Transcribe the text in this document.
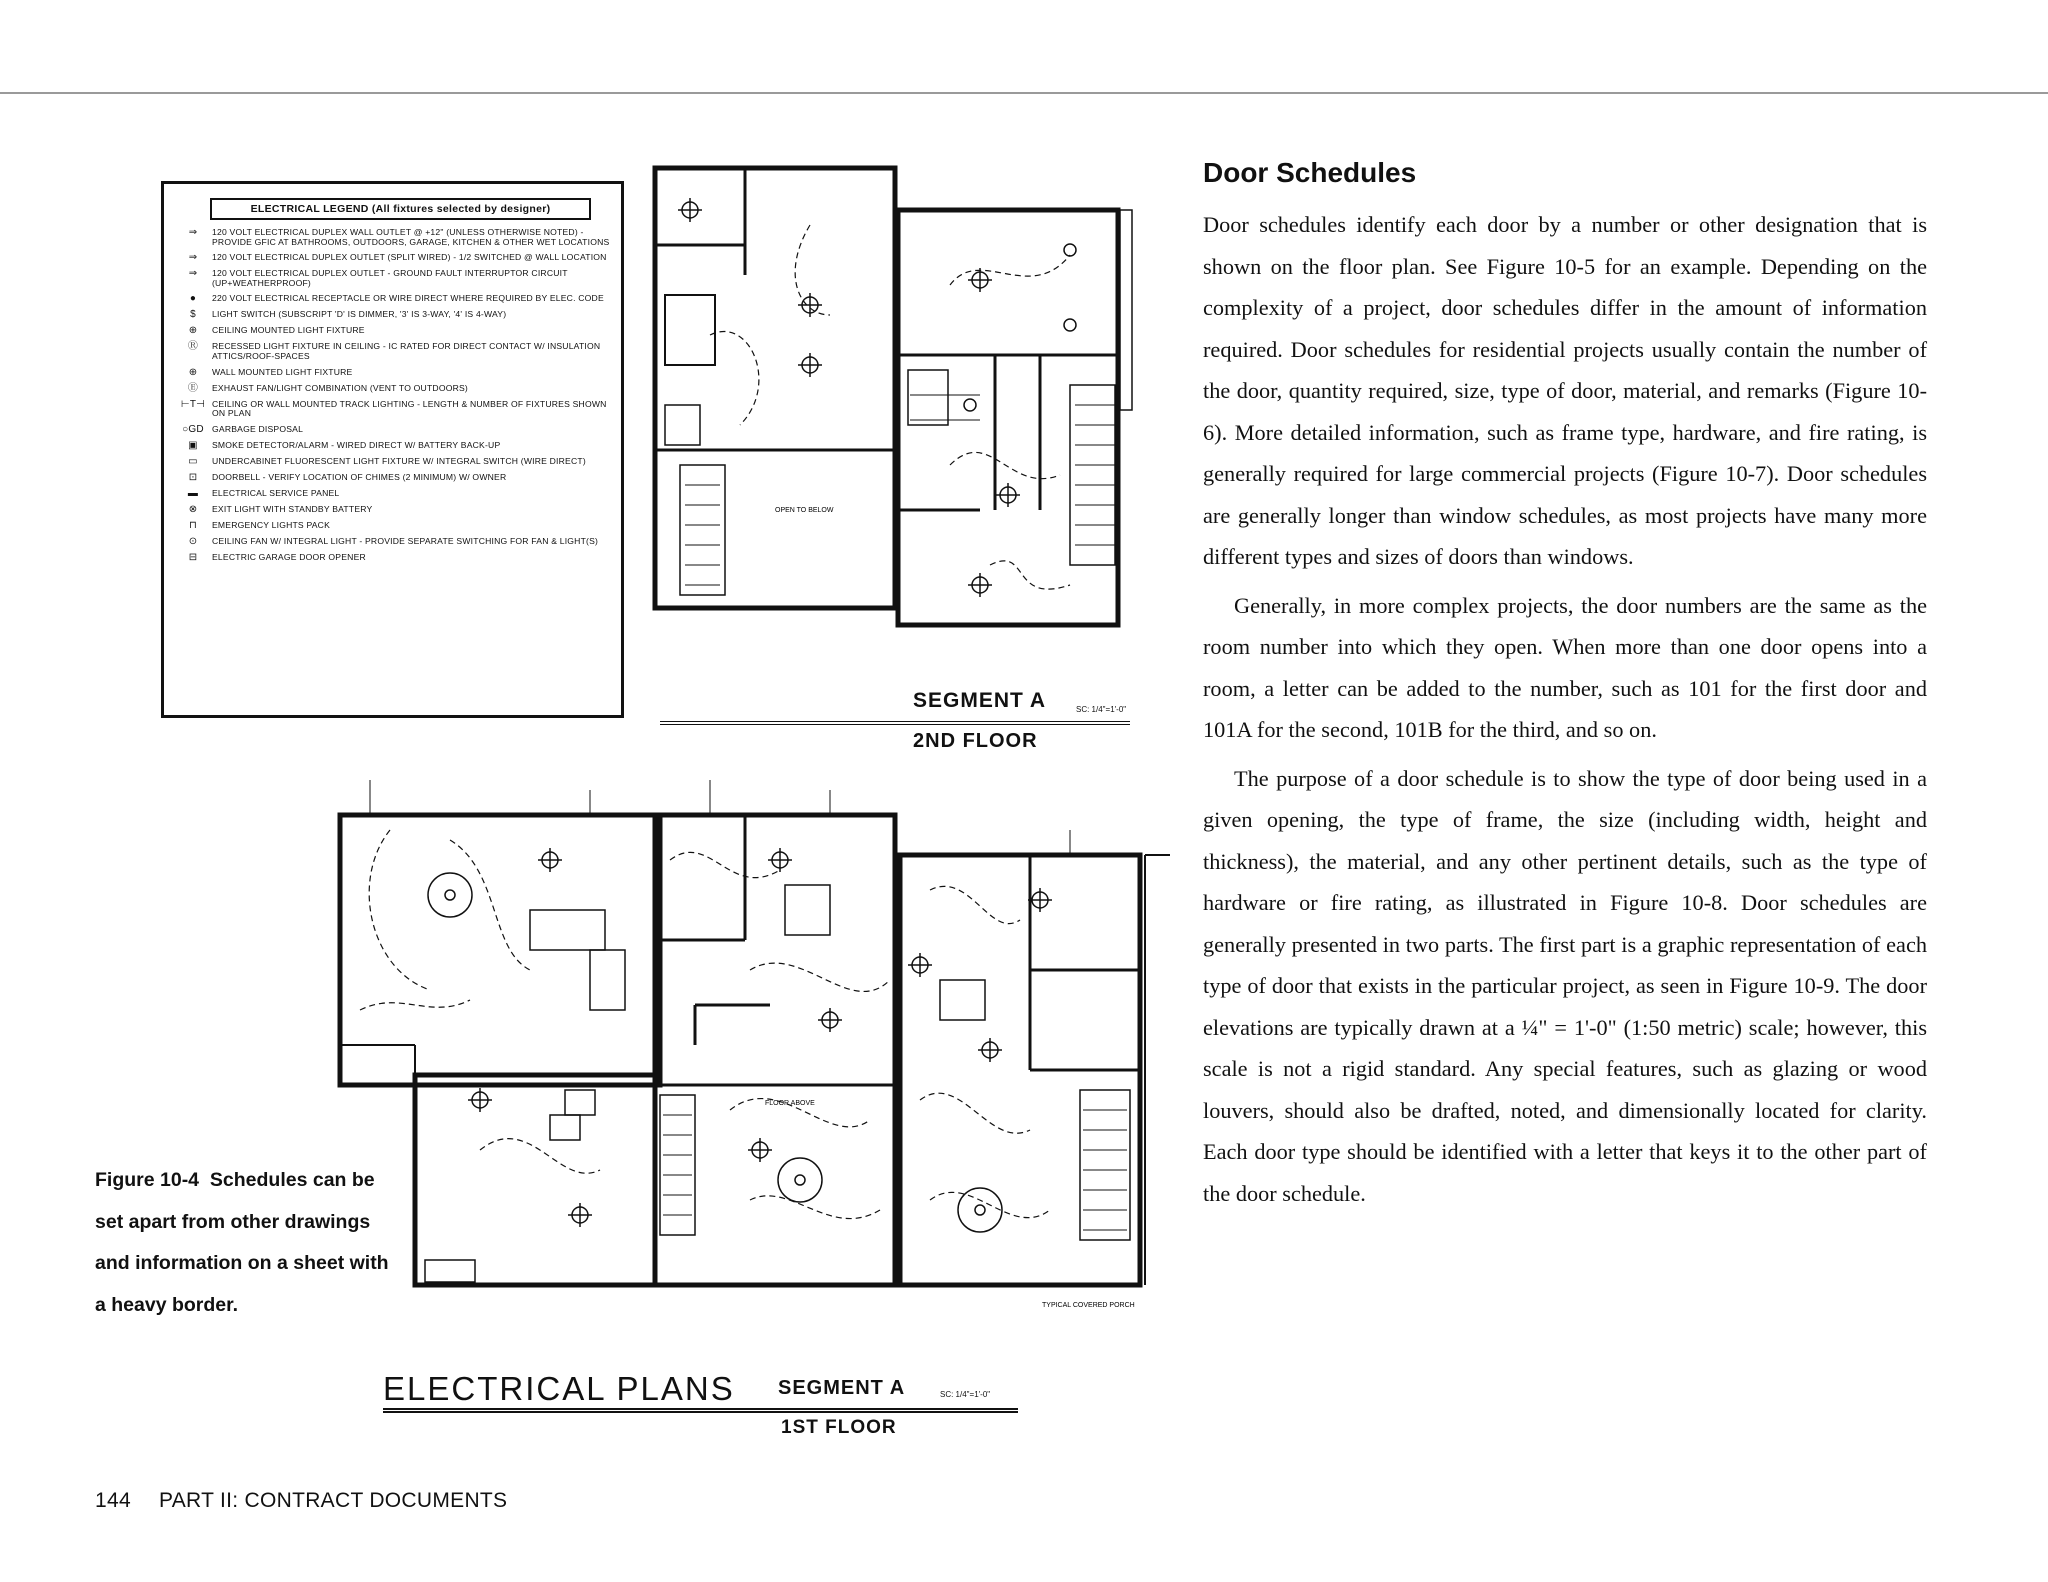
ELECTRICAL LEGEND (All fixtures selected by designer)
⇒	120 VOLT ELECTRICAL DUPLEX WALL OUTLET @ +12" (UNLESS OTHERWISE NOTED) - PROVIDE GFIC AT BATHROOMS, OUTDOORS, GARAGE, KITCHEN & OTHER WET LOCATIONS
⇒	120 VOLT ELECTRICAL DUPLEX OUTLET (SPLIT WIRED) - 1/2 SWITCHED @ WALL LOCATION
⇒	120 VOLT ELECTRICAL DUPLEX OUTLET - GROUND FAULT INTERRUPTOR CIRCUIT (UP+WEATHERPROOF)
●	220 VOLT ELECTRICAL RECEPTACLE OR WIRE DIRECT WHERE REQUIRED BY ELEC. CODE
$	LIGHT SWITCH (SUBSCRIPT 'D' IS DIMMER, '3' IS 3-WAY, '4' IS 4-WAY)
⊕	CEILING MOUNTED LIGHT FIXTURE
Ⓡ	RECESSED LIGHT FIXTURE IN CEILING - IC RATED FOR DIRECT CONTACT W/ INSULATION ATTICS/ROOF-SPACES
⊕	WALL MOUNTED LIGHT FIXTURE
Ⓔ	EXHAUST FAN/LIGHT COMBINATION (VENT TO OUTDOORS)
⊢T⊣ CEILING OR WALL MOUNTED TRACK LIGHTING - LENGTH & NUMBER OF FIXTURES SHOWN ON PLAN
○GD GARBAGE DISPOSAL
▣	SMOKE DETECTOR/ALARM - WIRED DIRECT W/ BATTERY BACK-UP
▭	UNDERCABINET FLUORESCENT LIGHT FIXTURE W/ INTEGRAL SWITCH (WIRE DIRECT)
⊡	DOORBELL - VERIFY LOCATION OF CHIMES (2 MINIMUM) W/ OWNER
▬	ELECTRICAL SERVICE PANEL
⊗	EXIT LIGHT WITH STANDBY BATTERY
⊓	EMERGENCY LIGHTS PACK
⊙	CEILING FAN W/ INTEGRAL LIGHT - PROVIDE SEPARATE SWITCHING FOR FAN & LIGHT(S)
⊟	ELECTRIC GARAGE DOOR OPENER
OPEN TO BELOW
SEGMENT A	SC: 1/4"=1'-0"
2ND FLOOR
FLOOR ABOVE
TYPICAL COVERED PORCH
ELECTRICAL PLANS SEGMENT A	SC: 1/4"=1'-0"
1ST FLOOR
Figure 10-4 Schedules can be set apart from other drawings and information on a sheet with a heavy border.
Door Schedules

Door schedules identify each door by a number or other designation that is shown on the floor plan. See Figure 10-5 for an example. Depending on the complexity of a project, door schedules differ in the amount of information required. Door schedules for residential projects usually contain the number of the door, quantity required, size, type of door, material, and remarks (Figure 10-6). More detailed information, such as frame type, hardware, and fire rating, is generally required for large commercial projects (Figure 10-7). Door schedules are generally longer than window schedules, as most projects have many more different types and sizes of doors than windows.

Generally, in more complex projects, the door numbers are the same as the room number into which they open. When more than one door opens into a room, a letter can be added to the number, such as 101 for the first door and 101A for the second, 101B for the third, and so on.

The purpose of a door schedule is to show the type of door being used in a given opening, the type of frame, the size (including width, height and thickness), the material, and any other pertinent details, such as the type of hardware or fire rating, as illustrated in Figure 10-8. Door schedules are generally presented in two parts. The first part is a graphic representation of each type of door that exists in the particular project, as seen in Figure 10-9. The door elevations are typically drawn at a ¼" = 1'-0" (1:50 metric) scale; however, this scale is not a rigid standard. Any special features, such as glazing or wood louvers, should also be drafted, noted, and dimensionally located for clarity. Each door type should be identified with a letter that keys it to the other part of the door schedule.

144 PART II: CONTRACT DOCUMENTS
